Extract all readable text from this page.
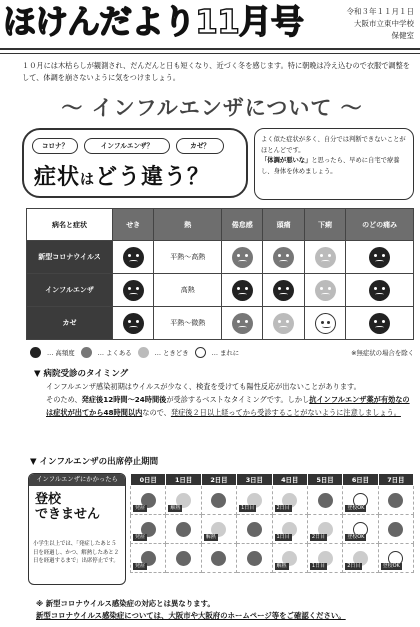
ほけんだより11月号	令和３年１１月１日
大阪市立東中学校
保健室
１０月には木枯らしが観測され、だんだんと日も短くなり、近づく冬を感じます。特に朝晩は冷え込むので衣服で調整をして、体調を崩さないように気をつけましょう。
～ インフルエンザについて ～
コロナ？	インフルエンザ？	カゼ？
症状はどう違う？
よく似た症状が多く、自分では判断できないことがほとんどです。
「体調が悪いな」と思ったら、早めに自宅で療養し、身体を休めましょう。
病名と症状	せき	熱	倦怠感	頭痛	下痢	のどの痛み
新型コロナウイルス		平熱〜高熱	

インフルエンザ		高熱	

カゼ		平熱〜微熱	

… 高頻度	… よくある	… ときどき	… まれに	※無症状の場合を除く
▼ 病院受診のタイミング
インフルエンザ感染初期はウイルスが少なく、検査を受けても陽性反応が出ないことがあります。
そのため、発症後12時間〜24時間後が受診するベストなタイミングです。しかし抗インフルエンザ薬が有効なのは症状が出てから48時間以内なので、発症後２日以上経ってから受診することがないように注意しましょう。
▼ インフルエンザの出席停止期間
インフルエンザにかかったら
登校
できません
小学生以上では、「発症したあと５日を経過し、かつ、解熱したあと２日を経過するまで」出席停止です。
0日目	1日目	2日目	3日目	4日目	5日目	6日目	7日目

発症	解熱		1日目	2日目		登校OK	

発症		解熱		1日目	2日目	登校OK	

発症				解熱	1日目	2日目	登校OK
※ 新型コロナウイルス感染症の対応とは異なります。
新型コロナウイルス感染症については、大阪市や大阪府のホームページ等をご確認ください。
